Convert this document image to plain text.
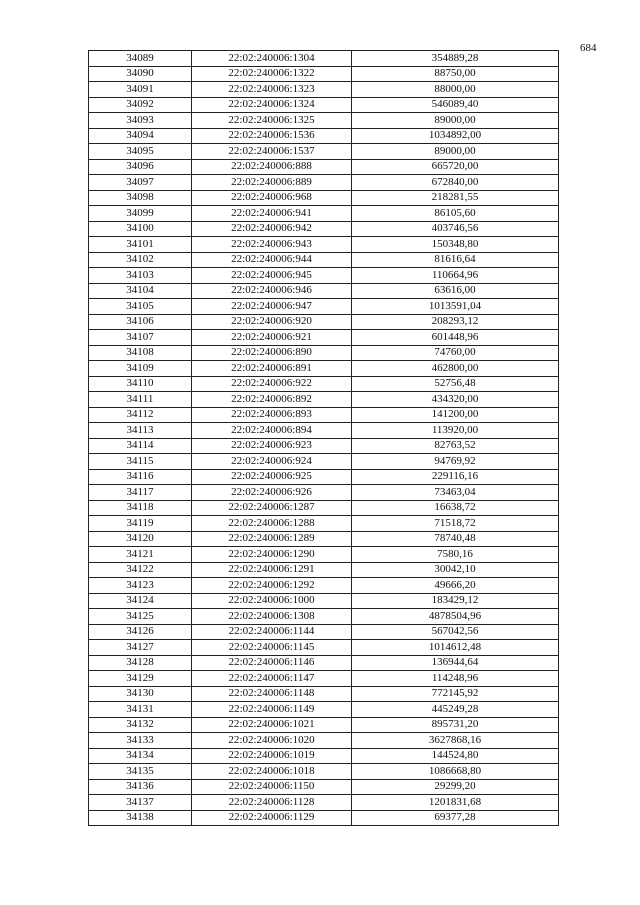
684
34089	22:02:240006:1304	354889,28
34090	22:02:240006:1322	88750,00
34091	22:02:240006:1323	88000,00
34092	22:02:240006:1324	546089,40
34093	22:02:240006:1325	89000,00
34094	22:02:240006:1536	1034892,00
34095	22:02:240006:1537	89000,00
34096	22:02:240006:888	665720,00
34097	22:02:240006:889	672840,00
34098	22:02:240006:968	218281,55
34099	22:02:240006:941	86105,60
34100	22:02:240006:942	403746,56
34101	22:02:240006:943	150348,80
34102	22:02:240006:944	81616,64
34103	22:02:240006:945	110664,96
34104	22:02:240006:946	63616,00
34105	22:02:240006:947	1013591,04
34106	22:02:240006:920	208293,12
34107	22:02:240006:921	601448,96
34108	22:02:240006:890	74760,00
34109	22:02:240006:891	462800,00
34110	22:02:240006:922	52756,48
34111	22:02:240006:892	434320,00
34112	22:02:240006:893	141200,00
34113	22:02:240006:894	113920,00
34114	22:02:240006:923	82763,52
34115	22:02:240006:924	94769,92
34116	22:02:240006:925	229116,16
34117	22:02:240006:926	73463,04
34118	22:02:240006:1287	16638,72
34119	22:02:240006:1288	71518,72
34120	22:02:240006:1289	78740,48
34121	22:02:240006:1290	7580,16
34122	22:02:240006:1291	30042,10
34123	22:02:240006:1292	49666,20
34124	22:02:240006:1000	183429,12
34125	22:02:240006:1308	4878504,96
34126	22:02:240006:1144	567042,56
34127	22:02:240006:1145	1014612,48
34128	22:02:240006:1146	136944,64
34129	22:02:240006:1147	114248,96
34130	22:02:240006:1148	772145,92
34131	22:02:240006:1149	445249,28
34132	22:02:240006:1021	895731,20
34133	22:02:240006:1020	3627868,16
34134	22:02:240006:1019	144524,80
34135	22:02:240006:1018	1086668,80
34136	22:02:240006:1150	29299,20
34137	22:02:240006:1128	1201831,68
34138	22:02:240006:1129	69377,28
